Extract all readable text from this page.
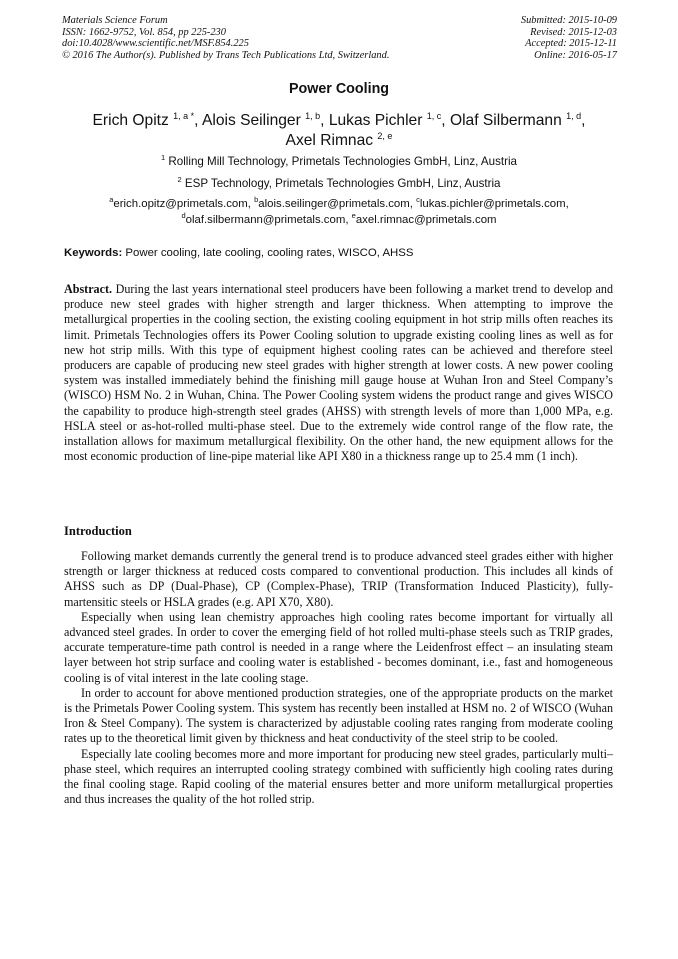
Materials Science Forum
ISSN: 1662-9752, Vol. 854, pp 225-230
doi:10.4028/www.scientific.net/MSF.854.225
© 2016 The Author(s). Published by Trans Tech Publications Ltd, Switzerland.
Submitted: 2015-10-09
Revised: 2015-12-03
Accepted: 2015-12-11
Online: 2016-05-17
Power Cooling
Erich Opitz $^{1, a *}$, Alois Seilinger $^{1, b}$, Lukas Pichler $^{1, c}$, Olaf Silbermann $^{1, d}$,
Axel Rimnac $^{2, e}$
$^1$ Rolling Mill Technology, Primetals Technologies GmbH, Linz, Austria
$^2$ ESP Technology, Primetals Technologies GmbH, Linz, Austria
$^a$erich.opitz@primetals.com, $^b$alois.seilinger@primetals.com, $^c$lukas.pichler@primetals.com,
$^d$olaf.silbermann@primetals.com, $^e$axel.rimnac@primetals.com
Keywords: Power cooling, late cooling, cooling rates, WISCO, AHSS

Abstract. During the last years international steel producers have been following a market trend to develop and produce new steel grades with higher strength and larger thickness. When attempting to improve the metallurgical properties in the cooling section, the existing cooling equipment in hot strip mills often reaches its limit. Primetals Technologies offers its Power Cooling solution to upgrade existing cooling lines as well as for new hot strip mills. With this type of equipment highest cooling rates can be achieved and therefore steel producers are capable of producing new steel grades with higher strength at lower costs. A new power cooling system was installed immediately behind the finishing mill gauge house at Wuhan Iron and Steel Company’s (WISCO) HSM No. 2 in Wuhan, China. The Power Cooling system widens the product range and gives WISCO the capability to produce high-strength steel grades (AHSS) with strength levels of more than 1,000 MPa, e.g. HSLA steel or as-hot-rolled multi-phase steel. Due to the extremely wide control range of the flow rate, the installation allows for maximum metallurgical flexibility. On the other hand, the new equipment allows for the most economic production of line-pipe material like API X80 in a thickness range up to 25.4 mm (1 inch).

Introduction

Following market demands currently the general trend is to produce advanced steel grades either with higher strength or larger thickness at reduced costs compared to conventional production. This includes all kinds of AHSS such as DP (Dual-Phase), CP (Complex-Phase), TRIP (Transformation Induced Plasticity), fully-martensitic steels or HSLA grades (e.g. API X70, X80).

Especially when using lean chemistry approaches high cooling rates become important for virtually all advanced steel grades. In order to cover the emerging field of hot rolled multi-phase steels such as TRIP grades, accurate temperature-time path control is needed in a range where the Leidenfrost effect – an insulating steam layer between hot strip surface and cooling water is established - becomes dominant, i.e., fast and homogeneous cooling is of vital interest in the late cooling stage.

In order to account for above mentioned production strategies, one of the appropriate products on the market is the Primetals Power Cooling system. This system has recently been installed at HSM no. 2 of WISCO (Wuhan Iron & Steel Company). The system is characterized by adjustable cooling rates ranging from moderate cooling rates up to the theoretical limit given by thickness and heat conductivity of the steel strip to be cooled.

Especially late cooling becomes more and more important for producing new steel grades, particularly multi–phase steel, which requires an interrupted cooling strategy combined with sufficiently high cooling rates during the final cooling stage. Rapid cooling of the material ensures better and more uniform metallurgical properties and thus increases the quality of the hot rolled strip.
